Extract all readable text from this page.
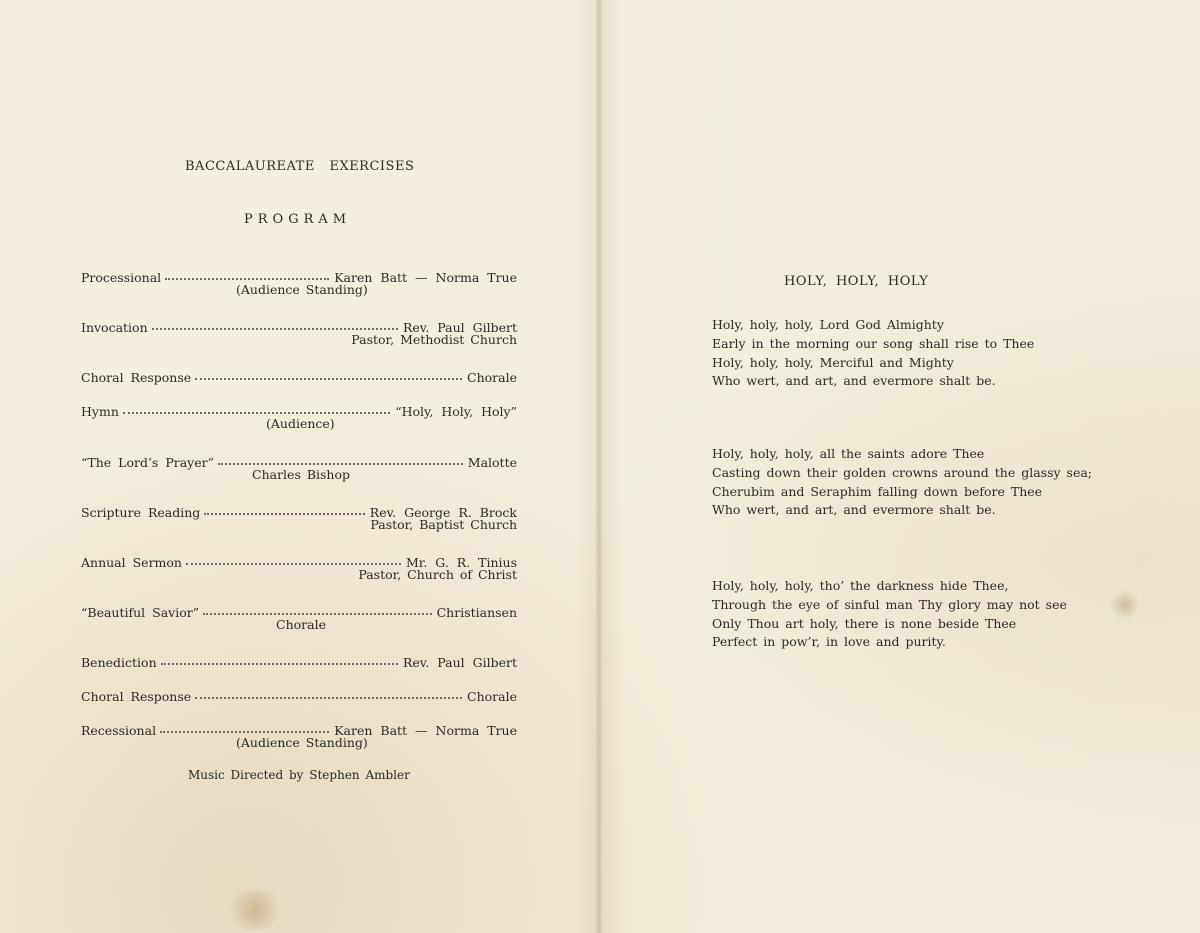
BACCALAUREATE EXERCISES
PROGRAM
Processional	Karen Batt — Norma True
(Audience Standing)
Invocation	Rev. Paul Gilbert
Pastor, Methodist Church
Choral Response	Chorale
Hymn	“Holy, Holy, Holy”
(Audience)
“The Lord’s Prayer”	Malotte
Charles Bishop
Scripture Reading	Rev. George R. Brock
Pastor, Baptist Church
Annual Sermon	Mr. G. R. Tinius
Pastor, Church of Christ
“Beautiful Savior”	Christiansen
Chorale
Benediction	Rev. Paul Gilbert
Choral Response	Chorale
Recessional	Karen Batt — Norma True
(Audience Standing)
Music Directed by Stephen Ambler
HOLY, HOLY, HOLY
Holy, holy, holy, Lord God Almighty
Early in the morning our song shall rise to Thee
Holy, holy, holy, Merciful and Mighty
Who wert, and art, and evermore shalt be.
Holy, holy, holy, all the saints adore Thee
Casting down their golden crowns around the glassy sea;
Cherubim and Seraphim falling down before Thee
Who wert, and art, and evermore shalt be.
Holy, holy, holy, tho’ the darkness hide Thee,
Through the eye of sinful man Thy glory may not see
Only Thou art holy, there is none beside Thee
Perfect in pow’r, in love and purity.
